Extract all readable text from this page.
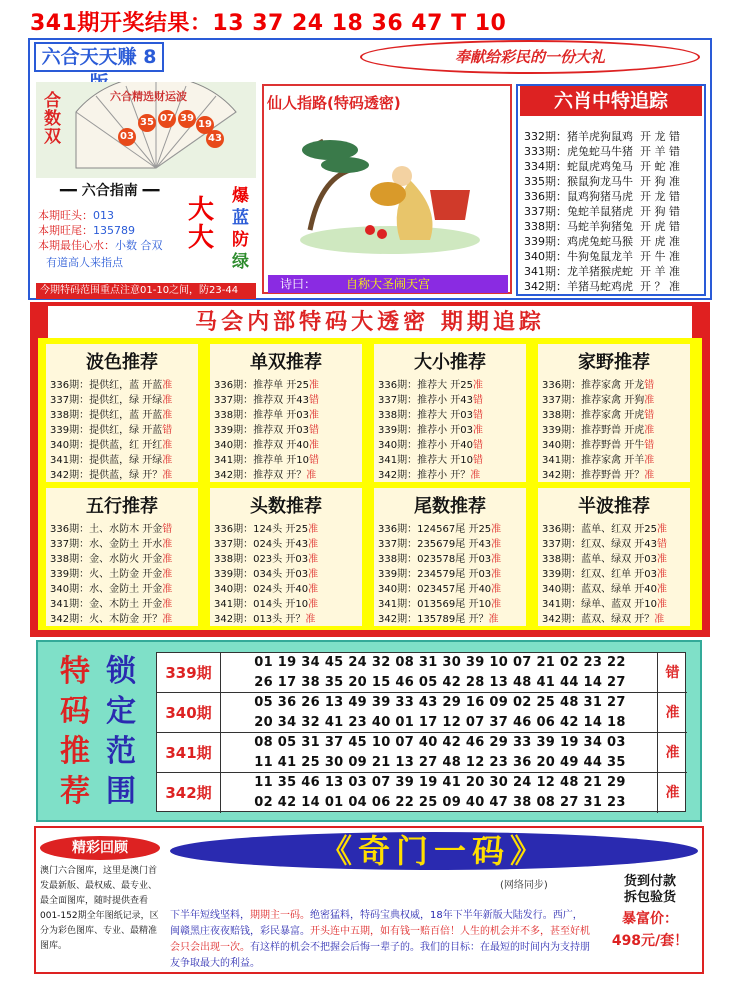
341期开奖结果：13 37 24 18 36 47 T 10
六合天天赚 8	奉献给彩民的一份大礼
合数双
六合精选财运波
03
35 07 39
19
43
━━ 六合指南 ━━
本期旺头：013
本期旺尾：135789
本期最佳心水：小数 合双
有道高人来指点
大大
爆
蓝
防
绿
今期特码范围重点注意01-10之间，防23-44
仙人指路(特码透密)
诗曰：	自称大圣闹天宫
六肖中特追踪
332期：猪羊虎狗鼠鸡  开 龙 错
333期：虎兔蛇马牛猪  开 羊 错
334期：蛇鼠虎鸡兔马  开 蛇 准
335期：猴鼠狗龙马牛  开 狗 准
336期：鼠鸡狗猪马虎  开 龙 错
337期：兔蛇羊鼠猪虎  开 狗 错
338期：马蛇羊狗猪兔  开 虎 错
339期：鸡虎兔蛇马猴  开 虎 准
340期：牛狗兔鼠龙羊  开 牛 准
341期：龙羊猪猴虎蛇  开 羊 准
342期：羊猪马蛇鸡虎  开 ？ 准
马会内部特码大透密 期期追踪
波色推荐
336期：提供红，蓝 开蓝准
337期：提供红，绿 开绿准
338期：提供红，蓝 开蓝准
339期：提供红，绿 开蓝错
340期：提供蓝，红 开红准
341期：提供蓝，绿 开绿准
342期：提供蓝，绿 开？准
单双推荐
336期：推荐单 开25准
337期：推荐双 开43错
338期：推荐单 开03准
339期：推荐双 开03错
340期：推荐双 开40准
341期：推荐单 开10错
342期：推荐双 开？准
大小推荐
336期：推荐大 开25准
337期：推荐小 开43错
338期：推荐大 开03错
339期：推荐小 开03准
340期：推荐小 开40错
341期：推荐大 开10错
342期：推荐小 开？准
家野推荐
336期：推荐家禽 开龙错
337期：推荐家禽 开狗准
338期：推荐家禽 开虎错
339期：推荐野兽 开虎准
340期：推荐野兽 开牛错
341期：推荐家禽 开羊准
342期：推荐野兽 开？准
五行推荐
336期：土、水防木 开金错
337期：水、金防土 开水准
338期：金、水防火 开金准
339期：火、土防金 开金准
340期：水、金防土 开金准
341期：金、木防土 开金准
342期：火、木防金 开？准
头数推荐
336期：124头 开25准
337期：024头 开43准
338期：023头 开03准
339期：034头 开03准
340期：024头 开40准
341期：014头 开10准
342期：013头 开？准
尾数推荐
336期：124567尾 开25准
337期：235679尾 开43准
338期：023578尾 开03准
339期：234579尾 开03准
340期：023457尾 开40准
341期：013569尾 开10准
342期：135789尾 开？准
半波推荐
336期：蓝单、红双 开25准
337期：红双、绿双 开43错
338期：蓝单、绿双 开03准
339期：红双、红单 开03准
340期：蓝双、绿单 开40准
341期：绿单、蓝双 开10准
342期：蓝双、绿双 开？准
特
码
推
荐
锁
定
范
围
339期
01 19 34 45 24 32 08 31 30 39 10 07 21 02 23 22
26 17 38 35 20 15 46 05 42 28 13 48 41 44 14 27
错
340期
05 36 26 13 49 39 33 43 29 16 09 02 25 48 31 27
20 34 32 41 23 40 01 17 12 07 37 46 06 42 14 18
准
341期
08 05 31 37 45 10 07 40 42 46 29 33 39 19 34 03
11 41 25 30 09 21 13 27 48 12 23 36 20 49 44 35
准
342期
11 35 46 13 03 07 39 19 41 20 30 24 12 48 21 29
02 42 14 01 04 06 22 25 09 40 47 38 08 27 31 23
准
精彩回顾
澳门六合图库，这里是澳门首发最新版、最权威、最专业、最全面图库，随时提供查看001-152期全年图纸记录，区分为彩色图库、专业、最精准图库。
《奇门一码》
(网络同步)
下半年短线坚料，期期主一码。绝密猛料，特码宝典权威，18年下半年新版大陆发行。西广，闽赣黑庄夜夜赔钱，彩民暴富。开头连中五期，如有钱一赔百倍！人生的机会并不多，甚至好机会只会出现一次。有这样的机会不把握会后悔一辈子的。我们的目标：在最短的时间内为支持朋友争取最大的利益。
货到付款
拆包验货
暴富价：
498元/套！
